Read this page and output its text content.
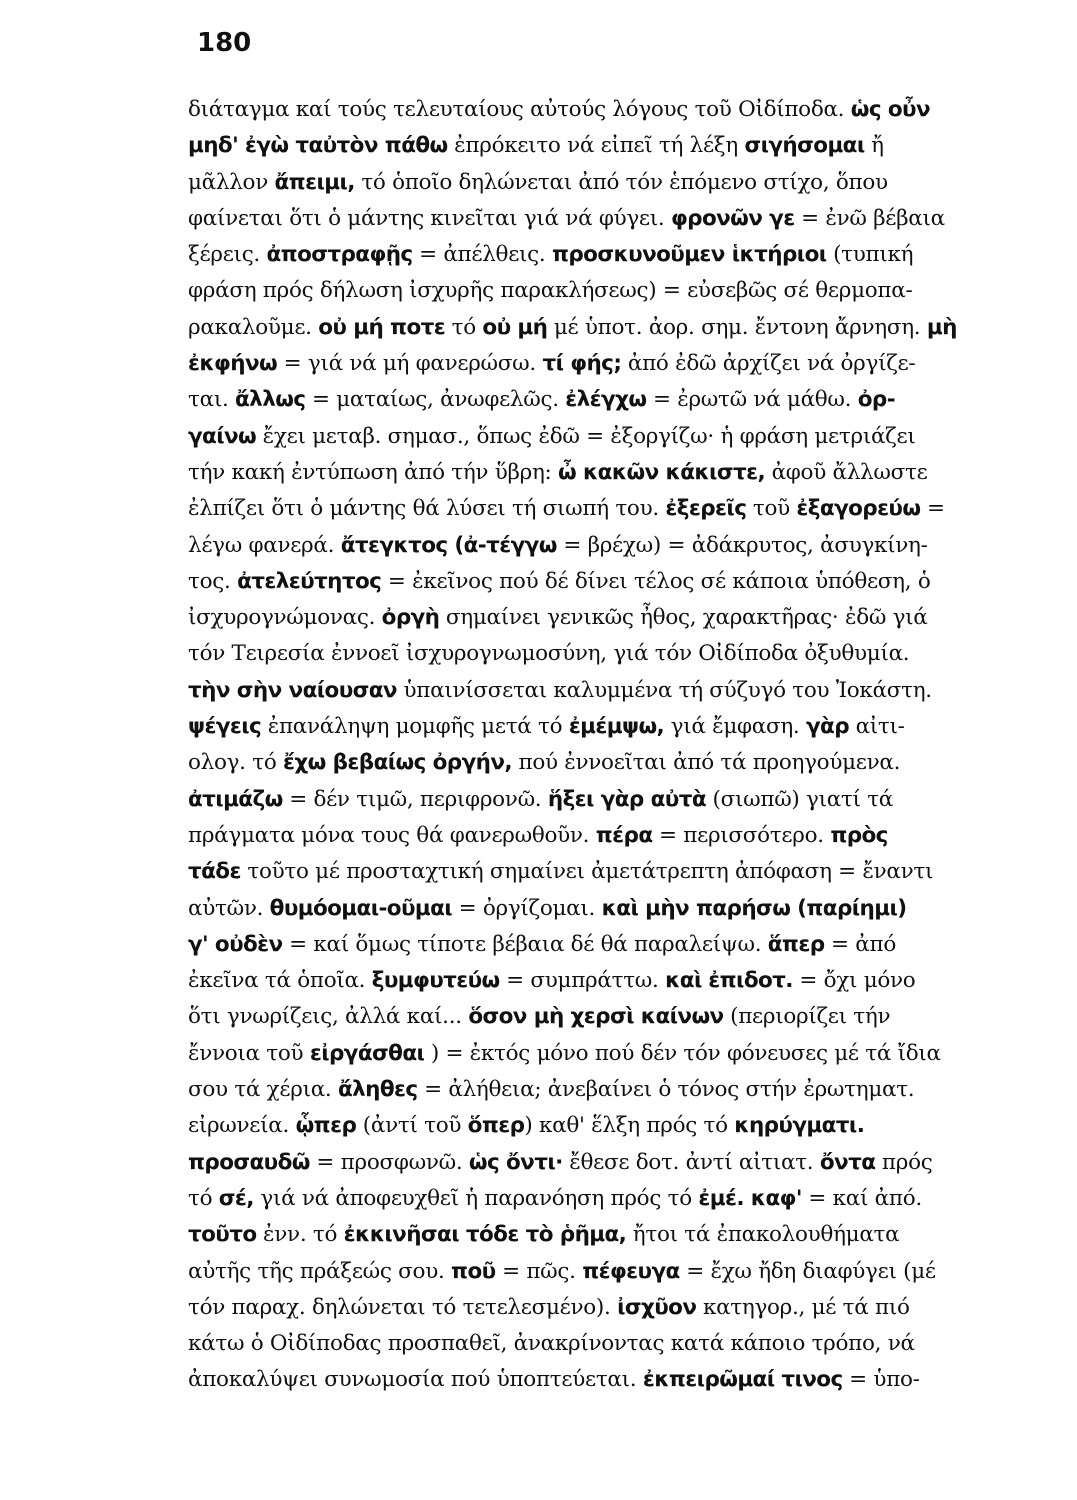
180
διάταγμα καί τούς τελευταίους αὐτούς λόγους τοῦ Οἰδίποδα. ὡς οὖν
μηδ' ἐγὼ ταὐτὸν πάθω ἐπρόκειτο νά εἰπεῖ τή λέξη σιγήσομαι ἤ
μᾶλλον ἄπειμι, τό ὁποῖο δηλώνεται ἀπό τόν ἑπόμενο στίχο, ὅπου
φαίνεται ὅτι ὁ μάντης κινεῖται γιά νά φύγει. φρονῶν γε = ἐνῶ βέβαια
ξέρεις. ἀποστραφῇς = ἀπέλθεις. προσκυνοῦμεν ἱκτήριοι (τυπική
φράση πρός δήλωση ἰσχυρῆς παρακλήσεως) = εὐσεβῶς σέ θερμοπα-
ρακαλοῦμε. οὐ μή ποτε τό οὐ μή μέ ὑποτ. ἀορ. σημ. ἔντονη ἄρνηση. μὴ
ἐκφήνω = γιά νά μή φανερώσω. τί φής; ἀπό ἐδῶ ἀρχίζει νά ὀργίζε-
ται. ἄλλως = ματαίως, ἀνωφελῶς. ἐλέγχω = ἐρωτῶ νά μάθω. ὀρ-
γαίνω ἔχει μεταβ. σημασ., ὅπως ἐδῶ = ἐξοργίζω· ἡ φράση μετριάζει
τήν κακή ἐντύπωση ἀπό τήν ὕβρη: ὦ κακῶν κάκιστε, ἀφοῦ ἄλλωστε
ἐλπίζει ὅτι ὁ μάντης θά λύσει τή σιωπή του. ἐξερεῖς τοῦ ἐξαγορεύω =
λέγω φανερά. ἄτεγκτος (ἀ-τέγγω = βρέχω) = ἀδάκρυτος, ἀσυγκίνη-
τος. ἀτελεύτητος = ἐκεῖνος πού δέ δίνει τέλος σέ κάποια ὑπόθεση, ὁ
ἰσχυρογνώμονας. ὀργὴ σημαίνει γενικῶς ἦθος, χαρακτῆρας· ἐδῶ γιά
τόν Τειρεσία ἐννοεῖ ἰσχυρογνωμοσύνη, γιά τόν Οἰδίποδα ὀξυθυμία.
τὴν σὴν ναίουσαν ὑπαινίσσεται καλυμμένα τή σύζυγό του Ἰοκάστη.
ψέγεις ἐπανάληψη μομφῆς μετά τό ἐμέμψω, γιά ἔμφαση. γὰρ αἰτι-
ολογ. τό ἔχω βεβαίως ὀργήν, πού ἐννοεῖται ἀπό τά προηγούμενα.
ἀτιμάζω = δέν τιμῶ, περιφρονῶ. ἥξει γὰρ αὐτὰ (σιωπῶ) γιατί τά
πράγματα μόνα τους θά φανερωθοῦν. πέρα = περισσότερο. πρὸς
τάδε τοῦτο μέ προσταχτική σημαίνει ἀμετάτρεπτη ἀπόφαση = ἔναντι
αὐτῶν. θυμόομαι-οῦμαι = ὀργίζομαι. καὶ μὴν παρήσω (παρίημι)
γ' οὐδὲν = καί ὅμως τίποτε βέβαια δέ θά παραλείψω. ἅπερ = ἀπό
ἐκεῖνα τά ὁποῖα. ξυμφυτεύω = συμπράττω. καὶ ἐπιδοτ. = ὄχι μόνο
ὅτι γνωρίζεις, ἀλλά καί... ὅσον μὴ χερσὶ καίνων (περιορίζει τήν
ἔννοια τοῦ εἰργάσθαι ) = ἐκτός μόνο πού δέν τόν φόνευσες μέ τά ἴδια
σου τά χέρια. ἄληθες = ἀλήθεια; ἀνεβαίνει ὁ τόνος στήν ἐρωτηματ.
εἰρωνεία. ᾧπερ (ἀντί τοῦ ὅπερ) καθ' ἕλξη πρός τό κηρύγματι.
προσαυδῶ = προσφωνῶ. ὡς ὄντι· ἔθεσε δοτ. ἀντί αἰτιατ. ὄντα πρός
τό σέ, γιά νά ἀποφευχθεῖ ἡ παρανόηση πρός τό ἐμέ. καφ' = καί ἀπό.
τοῦτο ἐνν. τό ἐκκινῆσαι τόδε τὸ ῥῆμα, ἤτοι τά ἐπακολουθήματα
αὐτῆς τῆς πράξεώς σου. ποῦ = πῶς. πέφευγα = ἔχω ἤδη διαφύγει (μέ
τόν παραχ. δηλώνεται τό τετελεσμένο). ἰσχῦον κατηγορ., μέ τά πιό
κάτω ὁ Οἰδίποδας προσπαθεῖ, ἀνακρίνοντας κατά κάποιο τρόπο, νά
ἀποκαλύψει συνωμοσία πού ὑποπτεύεται. ἐκπειρῶμαί τινος = ὑπο-
